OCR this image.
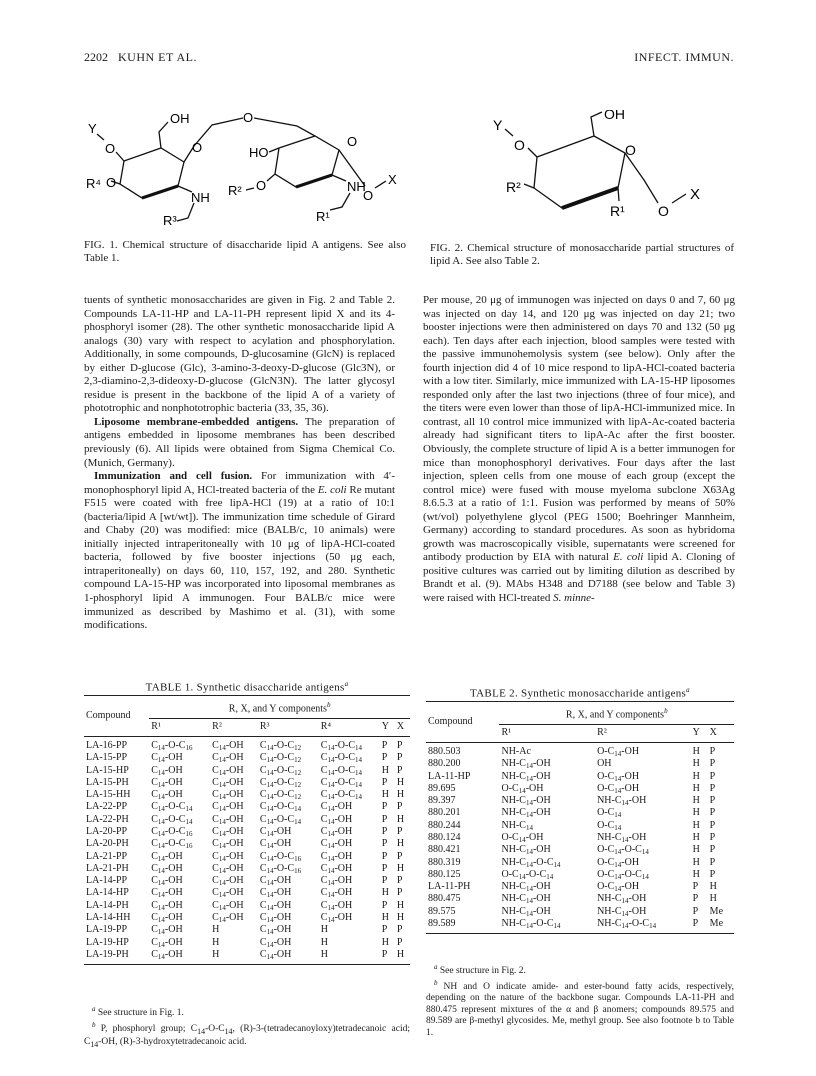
2202 KUHN ET AL.	INFECT. IMMUN.
Y
O
OH
R⁴ O
NH
R³
O
O	HO
R² O	NH
R¹
O
O
X
FIG. 1. Chemical structure of disaccharide lipid A antigens. See also Table 1.
Y
O
OH
O
R²
R¹ O
X
FIG. 2. Chemical structure of monosaccharide partial structures of lipid A. See also Table 2.

tuents of synthetic monosaccharides are given in Fig. 2 and Table 2. Compounds LA-11-HP and LA-11-PH represent lipid X and its 4-phosphoryl isomer (28). The other synthetic monosaccharide lipid A analogs (30) vary with respect to acylation and phosphorylation. Additionally, in some compounds, D-glucosamine (GlcN) is replaced by either D-glucose (Glc), 3-amino-3-deoxy-D-glucose (Glc3N), or 2,3-diamino-2,3-dideoxy-D-glucose (GlcN3N). The latter glycosyl residue is present in the backbone of the lipid A of a variety of phototrophic and nonphototrophic bacteria (33, 35, 36).

Liposome membrane-embedded antigens. The preparation of antigens embedded in liposome membranes has been described previously (6). All lipids were obtained from Sigma Chemical Co. (Munich, Germany).

Immunization and cell fusion. For immunization with 4′-monophosphoryl lipid A, HCl-treated bacteria of the E. coli Re mutant F515 were coated with free lipA-HCl (19) at a ratio of 10:1 (bacteria/lipid A [wt/wt]). The immunization time schedule of Girard and Chaby (20) was modified: mice (BALB/c, 10 animals) were initially injected intraperitoneally with 10 μg of lipA-HCl-coated bacteria, followed by five booster injections (50 μg each, intraperitoneally) on days 60, 110, 157, 192, and 280. Synthetic compound LA-15-HP was incorporated into liposomal membranes as 1-phosphoryl lipid A immunogen. Four BALB/c mice were immunized as described by Mashimo et al. (31), with some modifications.

Per mouse, 20 μg of immunogen was injected on days 0 and 7, 60 μg was injected on day 14, and 120 μg was injected on day 21; two booster injections were then administered on days 70 and 132 (50 μg each). Ten days after each injection, blood samples were tested with the passive immunohemolysis system (see below). Only after the fourth injection did 4 of 10 mice respond to lipA-HCl-coated bacteria with a low titer. Similarly, mice immunized with LA-15-HP liposomes responded only after the last two injections (three of four mice), and the titers were even lower than those of lipA-HCl-immunized mice. In contrast, all 10 control mice immunized with lipA-Ac-coated bacteria already had significant titers to lipA-Ac after the first booster. Obviously, the complete structure of lipid A is a better immunogen for mice than monophosphoryl derivatives. Four days after the last injection, spleen cells from one mouse of each group (except the control mice) were fused with mouse myeloma subclone X63Ag 8.6.5.3 at a ratio of 1:1. Fusion was performed by means of 50% (wt/vol) polyethylene glycol (PEG 1500; Boehringer Mannheim, Germany) according to standard procedures. As soon as hybridoma growth was macroscopically visible, supernatants were screened for antibody production by EIA with natural E. coli lipid A. Cloning of positive cultures was carried out by limiting dilution as described by Brandt et al. (9). MAbs H348 and D7188 (see below and Table 3) were raised with HCl-treated S. minne-

TABLE 1. Synthetic disaccharide antigens$^a$
Compound	R, X, and Y components$^b$
	R¹	R²	R³	R⁴	Y	X
LA-16-PP	$C_{14}-O-C_{16}$	$C_{14}-OH$	$C_{14}-O-C_{12}$	$C_{14}-O-C_{14}$	P	P
LA-15-PP	$C_{14}-OH$	$C_{14}-OH$	$C_{14}-O-C_{12}$	$C_{14}-O-C_{14}$	P	P
LA-15-HP	$C_{14}-OH$	$C_{14}-OH$	$C_{14}-O-C_{12}$	$C_{14}-O-C_{14}$	H	P
LA-15-PH	$C_{14}-OH$	$C_{14}-OH$	$C_{14}-O-C_{12}$	$C_{14}-O-C_{14}$	P	H
LA-15-HH	$C_{14}-OH$	$C_{14}-OH$	$C_{14}-O-C_{12}$	$C_{14}-O-C_{14}$	H	H
LA-22-PP	$C_{14}-O-C_{14}$	$C_{14}-OH$	$C_{14}-O-C_{14}$	$C_{14}-OH$	P	P
LA-22-PH	$C_{14}-O-C_{14}$	$C_{14}-OH$	$C_{14}-O-C_{14}$	$C_{14}-OH$	P	H
LA-20-PP	$C_{14}-O-C_{16}$	$C_{14}-OH$	$C_{14}-OH$	$C_{14}-OH$	P	P
LA-20-PH	$C_{14}-O-C_{16}$	$C_{14}-OH$	$C_{14}-OH$	$C_{14}-OH$	P	H
LA-21-PP	$C_{14}-OH$	$C_{14}-OH$	$C_{14}-O-C_{16}$	$C_{14}-OH$	P	P
LA-21-PH	$C_{14}-OH$	$C_{14}-OH$	$C_{14}-O-C_{16}$	$C_{14}-OH$	P	H
LA-14-PP	$C_{14}-OH$	$C_{14}-OH$	$C_{14}-OH$	$C_{14}-OH$	P	P
LA-14-HP	$C_{14}-OH$	$C_{14}-OH$	$C_{14}-OH$	$C_{14}-OH$	H	P
LA-14-PH	$C_{14}-OH$	$C_{14}-OH$	$C_{14}-OH$	$C_{14}-OH$	P	H
LA-14-HH	$C_{14}-OH$	$C_{14}-OH$	$C_{14}-OH$	$C_{14}-OH$	H	H
LA-19-PP	$C_{14}-OH$	H	$C_{14}-OH$	H	P	P
LA-19-HP	$C_{14}-OH$	H	$C_{14}-OH$	H	H	P
LA-19-PH	$C_{14}-OH$	H	$C_{14}-OH$	H	P	H

$^a$ See structure in Fig. 1.

$^b$ P, phosphoryl group; $C_{14}-O-C_{14}$, (R)-3-(tetradecanoyloxy)tetradecanoic acid; $C_{14}-OH$, (R)-3-hydroxytetradecanoic acid.

TABLE 2. Synthetic monosaccharide antigens$^a$
Compound	R, X, and Y components$^b$
	R¹	R²	Y	X
880.503	NH-Ac	$O-C_{14}-OH$	H	P
880.200	$NH-C_{14}-OH$	OH	H	P
LA-11-HP	$NH-C_{14}-OH$	$O-C_{14}-OH$	H	P
89.695	$O-C_{14}-OH$	$O-C_{14}-OH$	H	P
89.397	$NH-C_{14}-OH$	$NH-C_{14}-OH$	H	P
880.201	$NH-C_{14}-OH$	$O-C_{14}$	H	P
880.244	$NH-C_{14}$	$O-C_{14}$	H	P
880.124	$O-C_{14}-OH$	$NH-C_{14}-OH$	H	P
880.421	$NH-C_{14}-OH$	$O-C_{14}-O-C_{14}$	H	P
880.319	$NH-C_{14}-O-C_{14}$	$O-C_{14}-OH$	H	P
880.125	$O-C_{14}-O-C_{14}$	$O-C_{14}-O-C_{14}$	H	P
LA-11-PH	$NH-C_{14}-OH$	$O-C_{14}-OH$	P	H
880.475	$NH-C_{14}-OH$	$NH-C_{14}-OH$	P	H
89.575	$NH-C_{14}-OH$	$NH-C_{14}-OH$	P	Me
89.589	$NH-C_{14}-O-C_{14}$	$NH-C_{14}-O-C_{14}$	P	Me

$^a$ See structure in Fig. 2.

$^b$ NH and O indicate amide- and ester-bound fatty acids, respectively, depending on the nature of the backbone sugar. Compounds LA-11-PH and 880.475 represent mixtures of the α and β anomers; compounds 89.575 and 89.589 are β-methyl glycosides. Me, methyl group. See also footnote b to Table 1.
